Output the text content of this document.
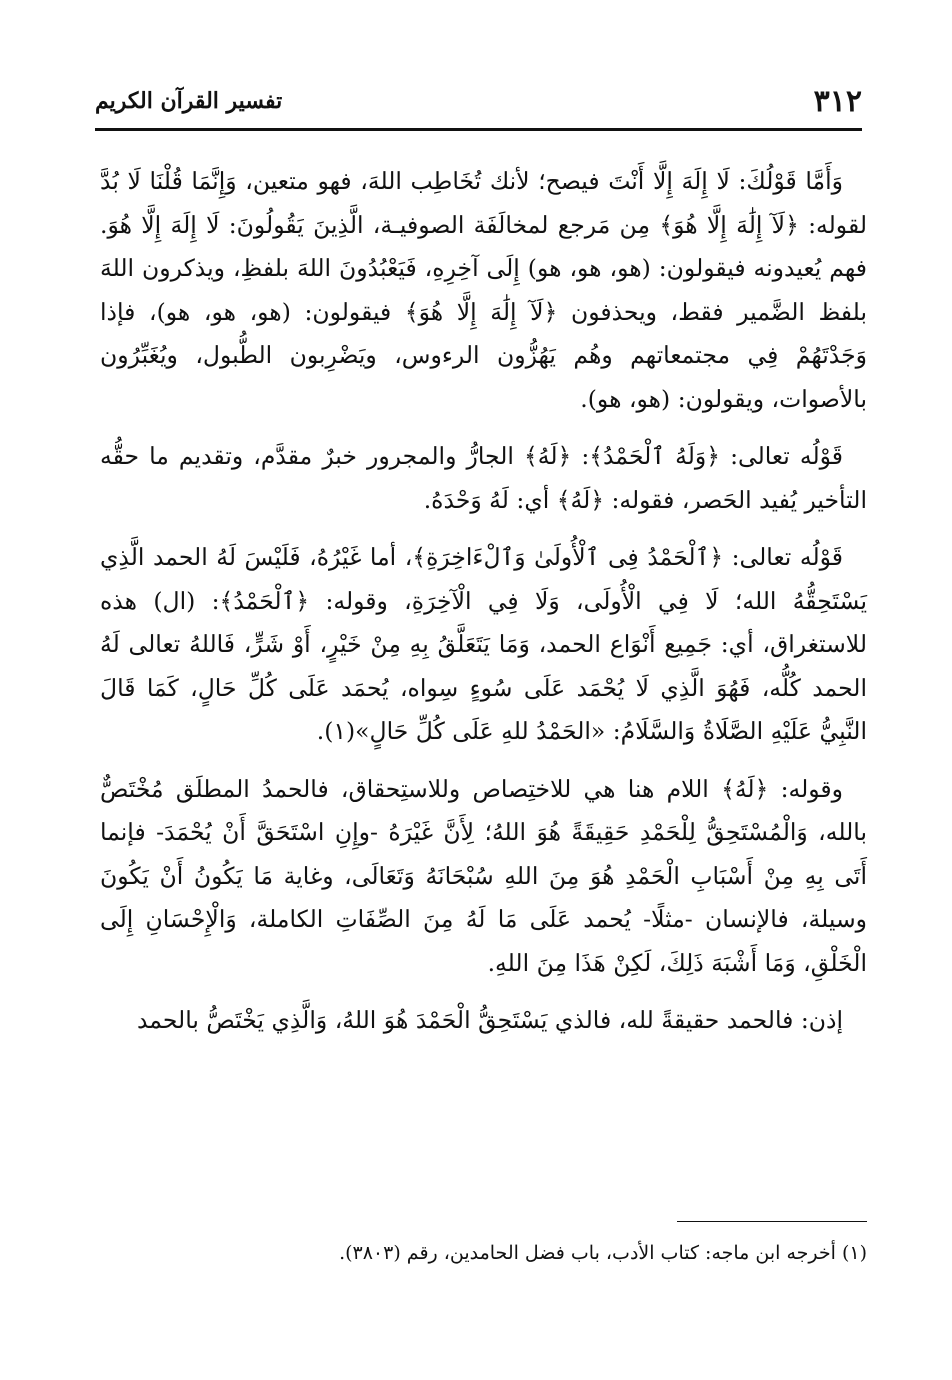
٣١٢
تفسير القرآن الكريم

وَأَمَّا قَوْلُكَ: لَا إِلَهَ إِلَّا أَنْتَ فيصح؛ لأنك تُخَاطِب اللهَ، فهو متعين، وَإِنَّمَا قُلْنَا لَا بُدَّ لقوله: ﴿لَآ إِلَٰهَ إِلَّا هُوَ﴾ مِن مَرجع لمخالَفَة الصوفيـة، الَّذِينَ يَقُولُونَ: لَا إِلَهَ إِلَّا هُوَ. فهم يُعيدونه فيقولون: (هو، هو، هو) إِلَى آخِرِهِ، فَيَعْبُدُونَ اللهَ بلفظِ، ويذكرون اللهَ بلفظ الضَّمير فقط، ويحذفون ﴿لَآ إِلَٰهَ إِلَّا هُوَ﴾ فيقولون: (هو، هو، هو)، فإذا وَجَدْتَهُمْ فِي مجتمعاتهم وهُم يَهُزُّون الرءوس، ويَضْرِبون الطُّبول، ويُغَبِّرُون بالأصوات، ويقولون: (هو، هو).

قَوْلُه تعالى: ﴿وَلَهُ ٱلْحَمْدُ﴾: ﴿لَهُ﴾ الجارُّ والمجرور خبرٌ مقدَّم، وتقديم ما حقُّه التأخير يُفيد الحَصر، فقوله: ﴿لَهُ﴾ أي: لَهُ وَحْدَهُ.

قَوْلُه تعالى: ﴿ٱلْحَمْدُ فِى ٱلْأُولَىٰ وَٱلْءَاخِرَةِ﴾، أما غَيْرُهُ، فَلَيْسَ لَهُ الحمد الَّذِي يَسْتَحِقُّهُ الله؛ لَا فِي الْأُولَى، وَلَا فِي الْآخِرَةِ، وقوله: ﴿ٱلْحَمْدُ﴾: (ال) هذه للاستغراق، أي: جَمِيع أَنْوَاع الحمد، وَمَا يَتَعَلَّقُ بِهِ مِنْ خَيْرٍ، أَوْ شَرٍّ، فَاللهُ تعالى لَهُ الحمد كُلُّه، فَهُوَ الَّذِي لَا يُحْمَد عَلَى سُوءٍ سِواه، يُحمَد عَلَى كُلِّ حَالٍ، كَمَا قَالَ النَّبِيُّ عَلَيْهِ الصَّلَاةُ وَالسَّلَامُ: «الحَمْدُ للهِ عَلَى كُلِّ حَالٍ»(١).

وقوله: ﴿لَهُ﴾ اللام هنا هي للاختِصاص وللاستِحقاق، فالحمدُ المطلَق مُخْتَصٌّ بالله، وَالْمُسْتَحِقُّ لِلْحَمْدِ حَقِيقَةً هُوَ اللهُ؛ لِأَنَّ غَيْرَهُ -وإِنِ اسْتَحَقَّ أَنْ يُحْمَدَ- فإنما أَتَى بِهِ مِنْ أَسْبَابِ الْحَمْدِ هُوَ مِنَ اللهِ سُبْحَانَهُ وَتَعَالَى، وغاية مَا يَكُونُ أَنْ يَكُونَ وسيلة، فالإنسان -مثلًا- يُحمد عَلَى مَا لَهُ مِنَ الصِّفَاتِ الكاملة، وَالْإِحْسَانِ إِلَى الْخَلْقِ، وَمَا أَشْبَهَ ذَلِكَ، لَكِنْ هَذَا مِنَ اللهِ.

إذن: فالحمد حقيقةً لله، فالذي يَسْتَحِقُّ الْحَمْدَ هُوَ اللهُ، وَالَّذِي يَخْتَصُّ بالحمد

(١) أخرجه ابن ماجه: كتاب الأدب، باب فضل الحامدين، رقم (٣٨٠٣).
